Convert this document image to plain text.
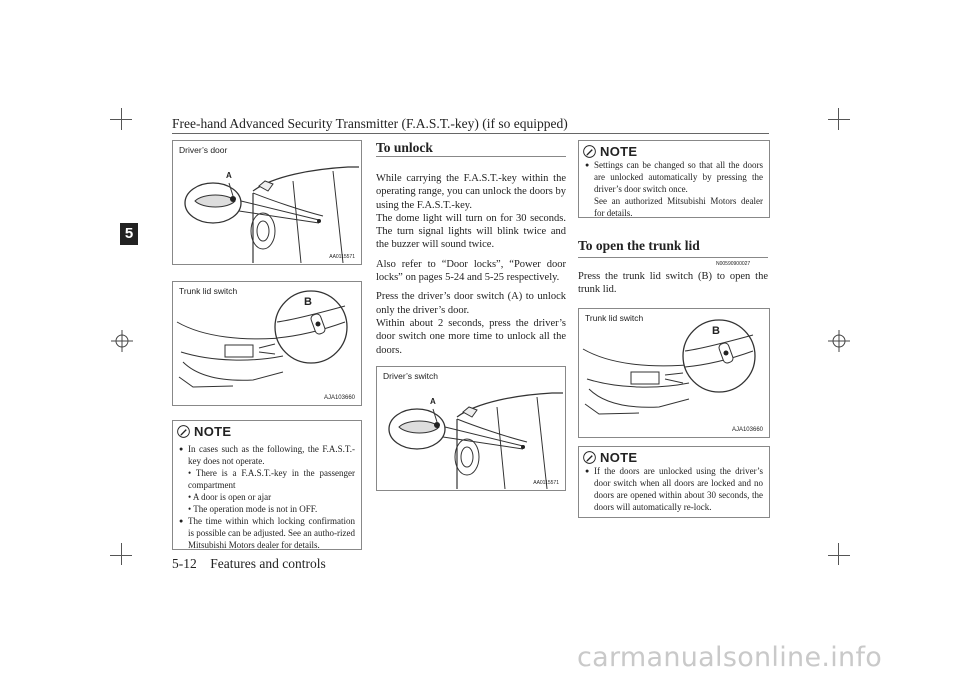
Free-hand Advanced Security Transmitter (F.A.S.T.-key) (if so equipped)
5
Driver’s door
A
AA0115571
Trunk lid switch
B
AJA103660
NOTE
● In cases such as the following, the F.A.S.T.-key does not operate.
• There is a F.A.S.T.-key in the passenger compartment
• A door is open or ajar
• The operation mode is not in OFF.
● The time within which locking confirmation is possible can be adjusted. See an autho-rized Mitsubishi Motors dealer for details.
To unlock
While carrying the F.A.S.T.-key within the operating range, you can unlock the doors by using the F.A.S.T.-key.
The dome light will turn on for 30 seconds. The turn signal lights will blink twice and the buzzer will sound twice.
Also refer to “Door locks”, “Power door locks” on pages 5-24 and 5-25 respectively.
Press the driver’s door switch (A) to unlock only the driver’s door.
Within about 2 seconds, press the driver’s door switch one more time to unlock all the doors.
Driver’s switch
A
AA0115571
NOTE
● Settings can be changed so that all the doors are unlocked automatically by pressing the driver’s door switch once.
See an authorized Mitsubishi Motors dealer for details.
To open the trunk lid
N00590900027
Press the trunk lid switch (B) to open the trunk lid.
Trunk lid switch
B
AJA103660
NOTE
● If the doors are unlocked using the driver’s door switch when all doors are locked and no doors are opened within about 30 seconds, the doors will automatically re-lock.
5-12 Features and controls
carmanualsonline.info
